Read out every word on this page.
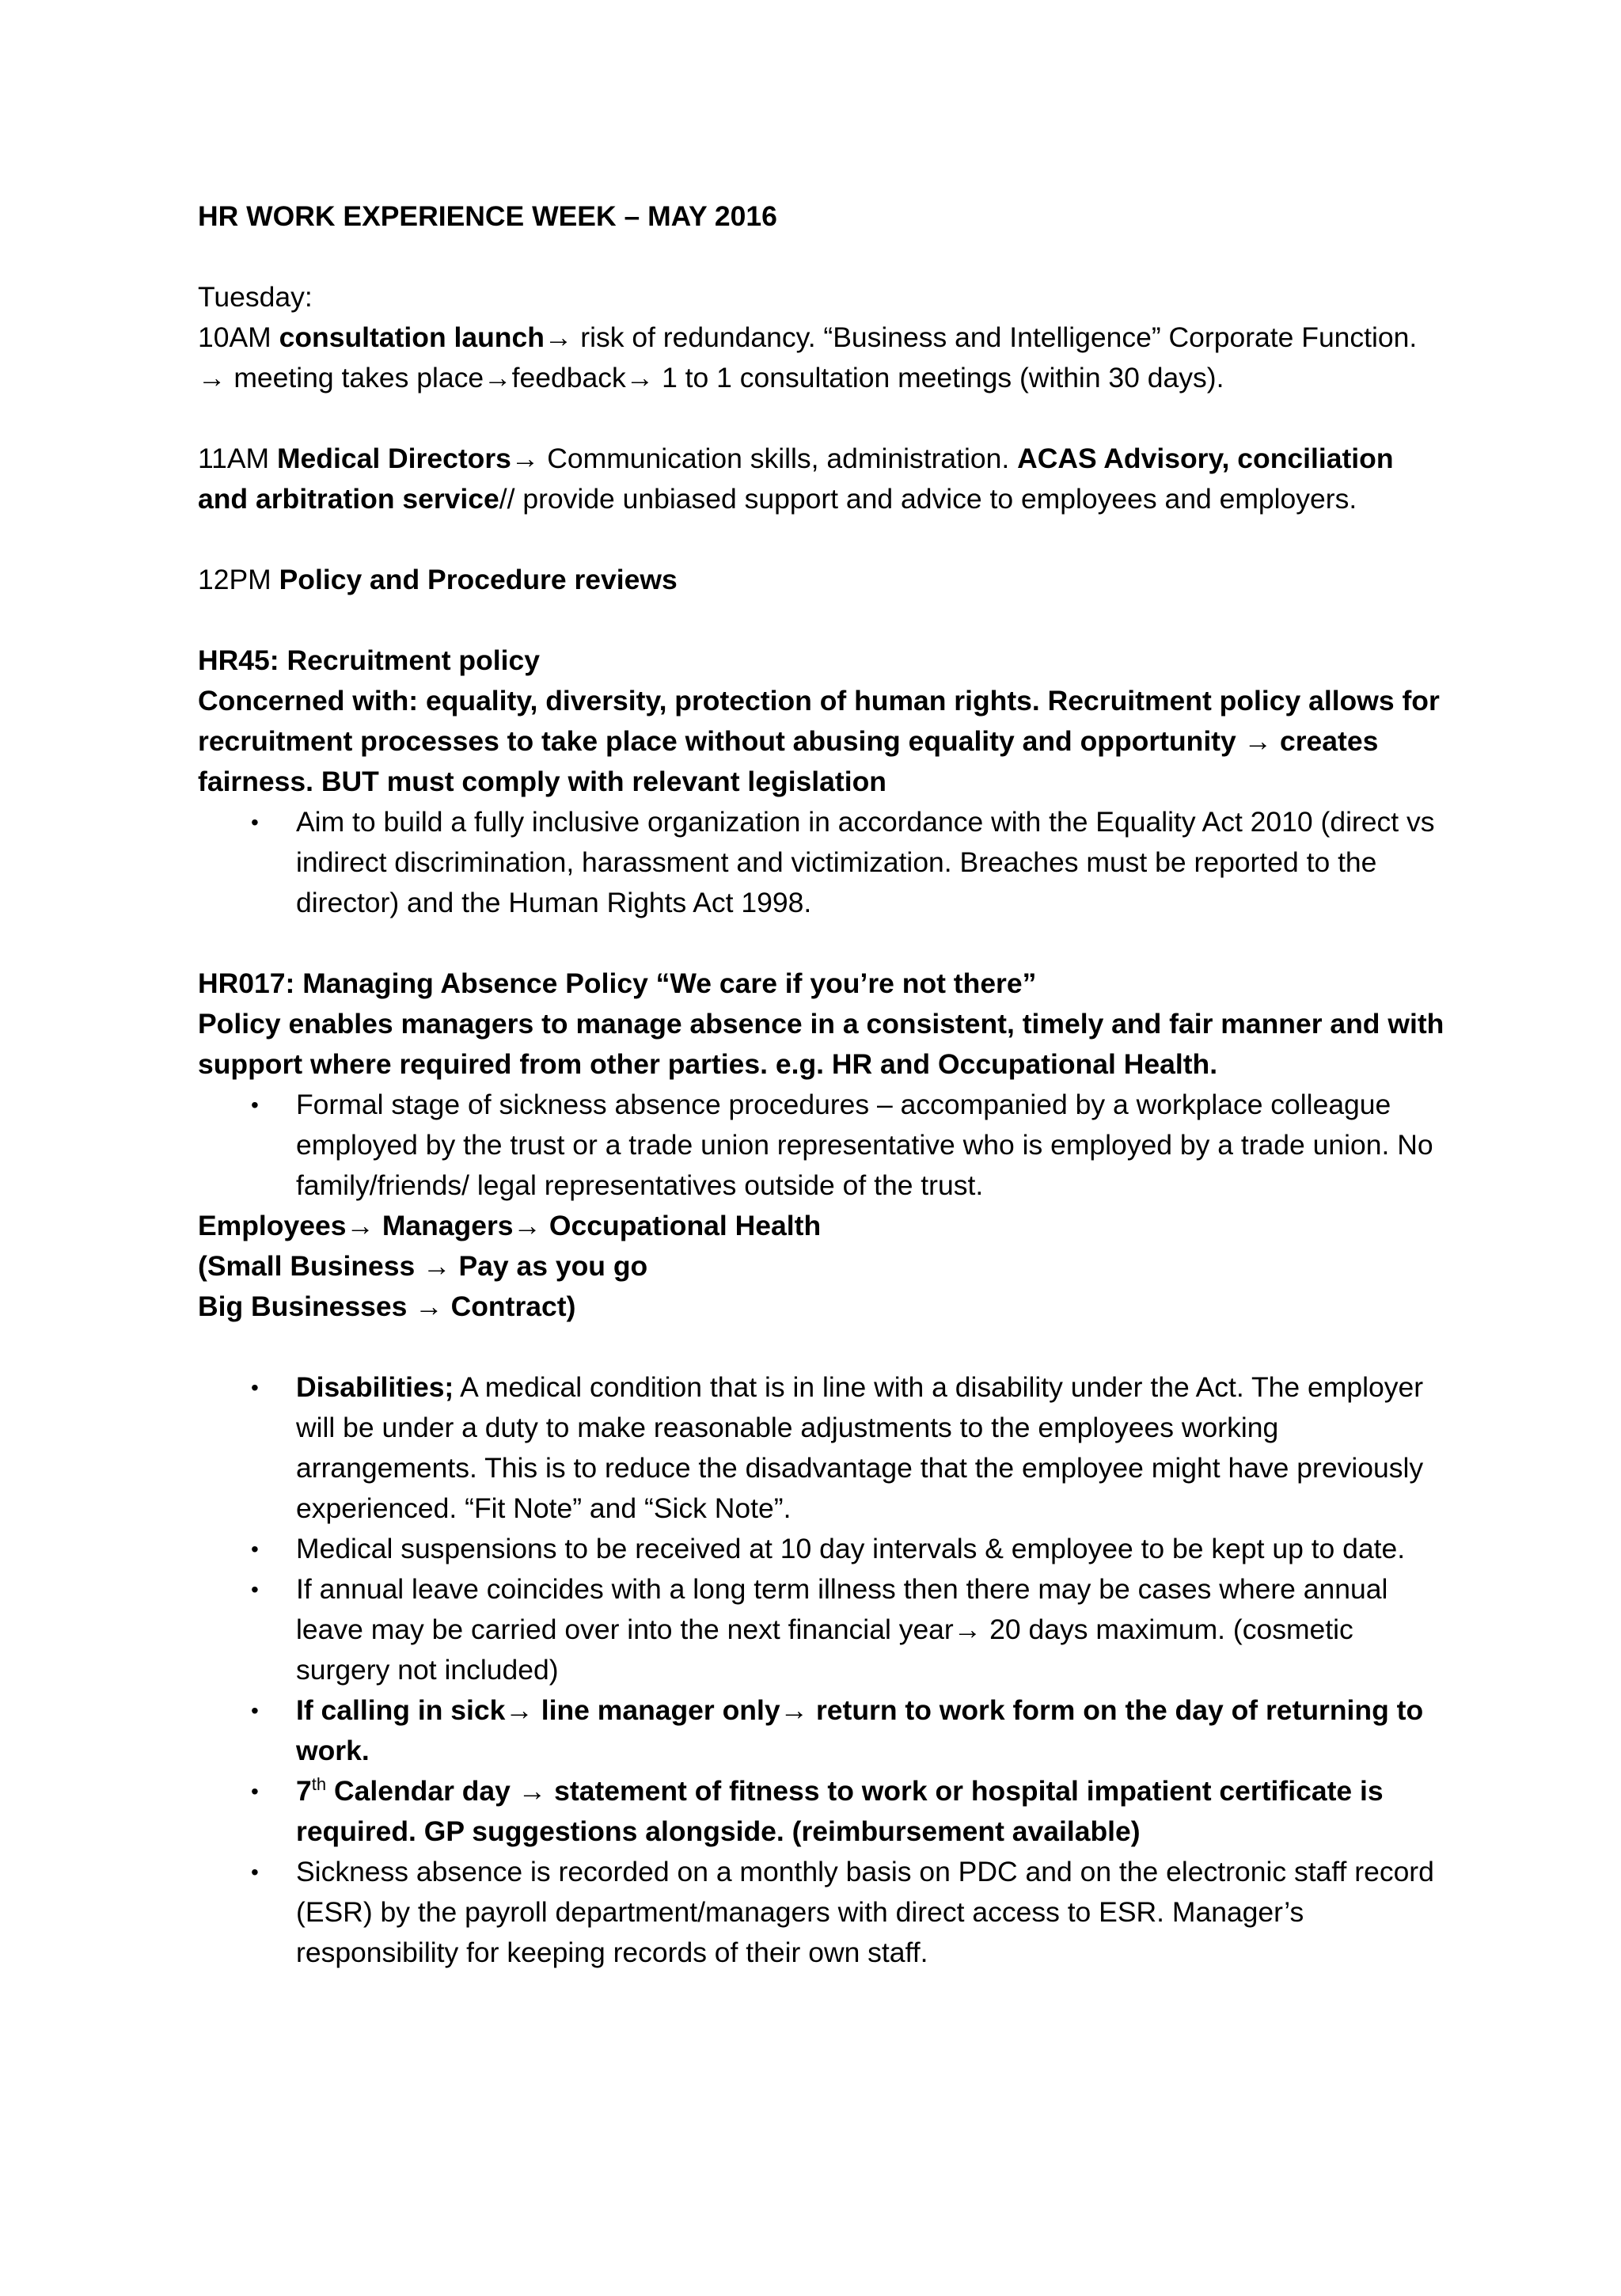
HR WORK EXPERIENCE WEEK – MAY 2016

Tuesday:

10AM consultation launch→ risk of redundancy. “Business and Intelligence” Corporate Function. → meeting takes place→feedback→ 1 to 1 consultation meetings (within 30 days).

11AM Medical Directors→ Communication skills, administration. ACAS Advisory, conciliation and arbitration service// provide unbiased support and advice to employees and employers.

12PM Policy and Procedure reviews

HR45: Recruitment policy

Concerned with: equality, diversity, protection of human rights. Recruitment policy allows for recruitment processes to take place without abusing equality and opportunity → creates fairness. BUT must comply with relevant legislation

• Aim to build a fully inclusive organization in accordance with the Equality Act 2010 (direct vs indirect discrimination, harassment and victimization. Breaches must be reported to the director) and the Human Rights Act 1998.

HR017: Managing Absence Policy “We care if you’re not there”

Policy enables managers to manage absence in a consistent, timely and fair manner and with support where required from other parties. e.g. HR and Occupational Health.

• Formal stage of sickness absence procedures – accompanied by a workplace colleague employed by the trust or a trade union representative who is employed by a trade union. No family/friends/ legal representatives outside of the trust.

Employees→ Managers→ Occupational Health

(Small Business → Pay as you go

Big Businesses → Contract)

• Disabilities; A medical condition that is in line with a disability under the Act. The employer will be under a duty to make reasonable adjustments to the employees working arrangements. This is to reduce the disadvantage that the employee might have previously experienced. “Fit Note” and “Sick Note”.
• Medical suspensions to be received at 10 day intervals & employee to be kept up to date.
• If annual leave coincides with a long term illness then there may be cases where annual leave may be carried over into the next financial year→ 20 days maximum. (cosmetic surgery not included)
• If calling in sick→ line manager only→ return to work form on the day of returning to work.
• 7th Calendar day → statement of fitness to work or hospital impatient certificate is required. GP suggestions alongside. (reimbursement available)
• Sickness absence is recorded on a monthly basis on PDC and on the electronic staff record (ESR) by the payroll department/managers with direct access to ESR. Manager’s responsibility for keeping records of their own staff.
